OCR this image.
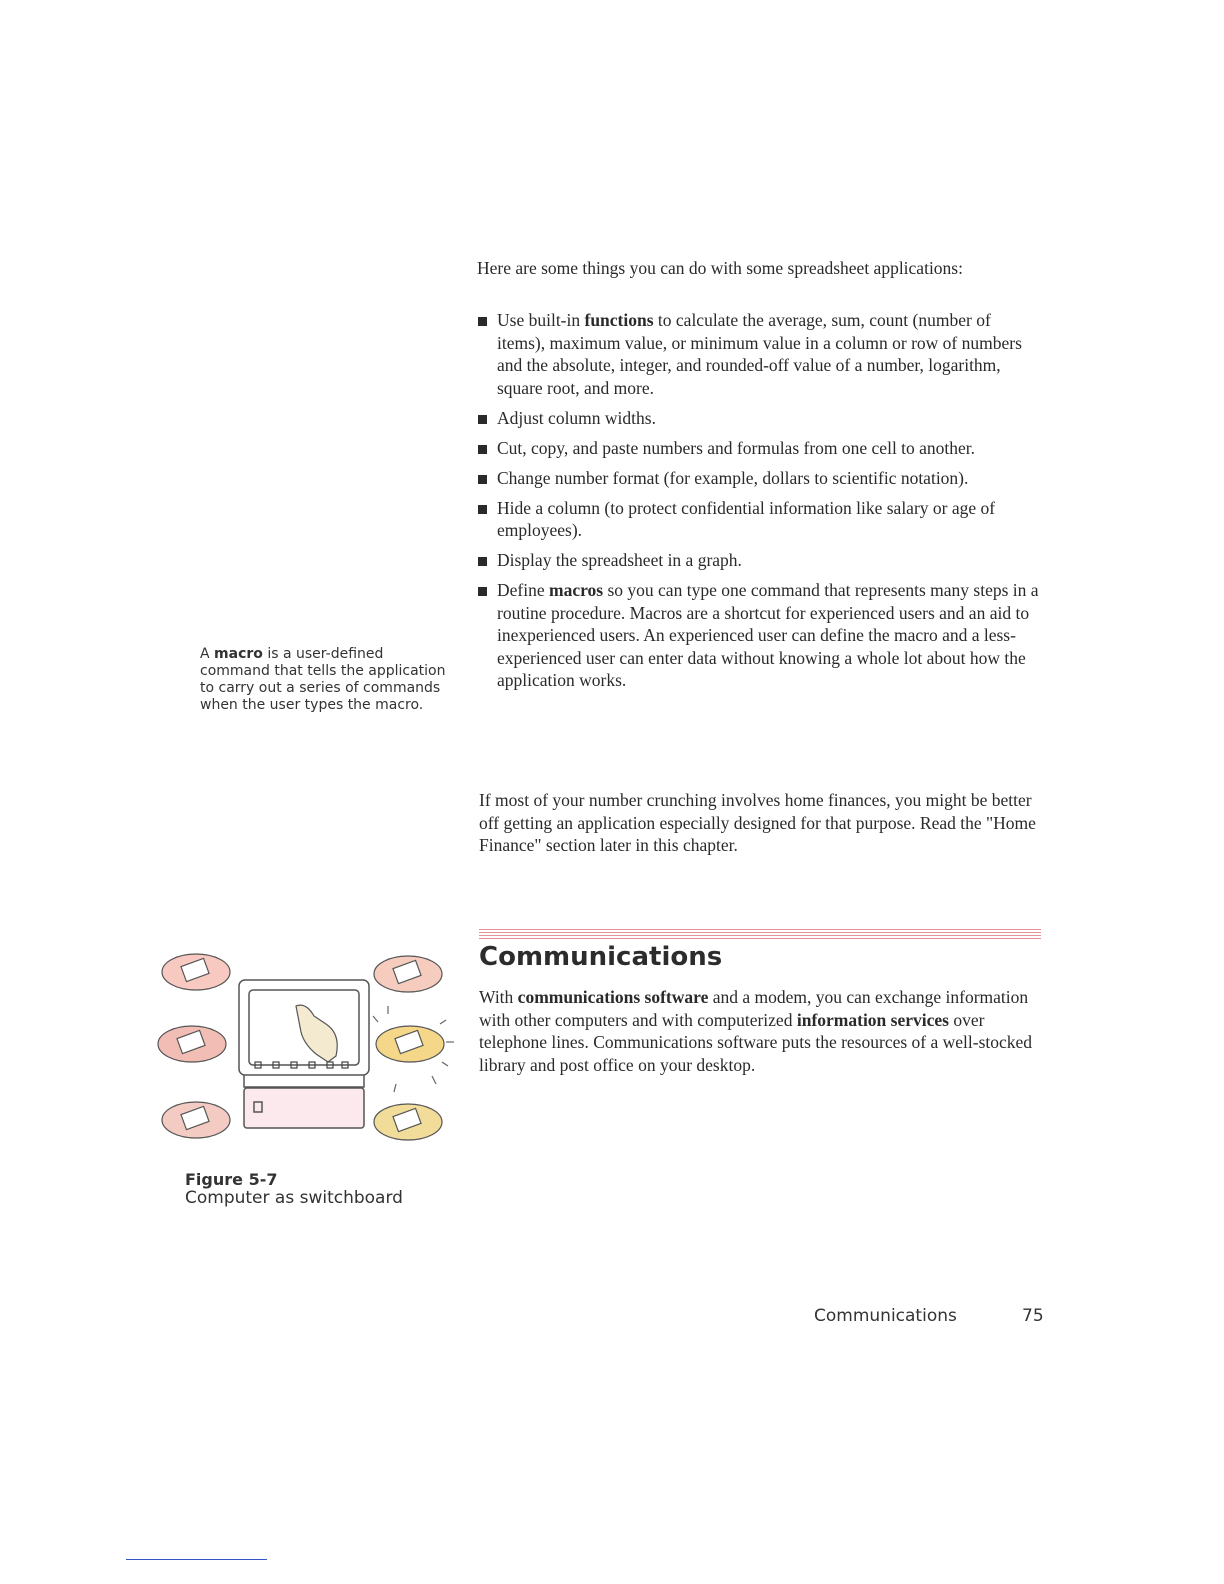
Here are some things you can do with some spreadsheet applications:

Use built-in functions to calculate the average, sum, count (number of items), maximum value, or minimum value in a column or row of numbers and the absolute, integer, and rounded-off value of a number, logarithm, square root, and more.
Adjust column widths.
Cut, copy, and paste numbers and formulas from one cell to another.
Change number format (for example, dollars to scientific notation).
Hide a column (to protect confidential information like salary or age of employees).
Display the spreadsheet in a graph.
Define macros so you can type one command that represents many steps in a routine procedure. Macros are a shortcut for experienced users and an aid to inexperienced users. An experienced user can define the macro and a less-experienced user can enter data without knowing a whole lot about how the application works.

If most of your number crunching involves home finances, you might be better off getting an application especially designed for that purpose. Read the "Home Finance" section later in this chapter.

A macro is a user-defined command that tells the application to carry out a series of commands when the user types the macro.

Communications

With communications software and a modem, you can exchange information with other computers and with computerized information services over telephone lines. Communications software puts the resources of a well-stocked library and post office on your desktop.

Figure 5-7
Computer as switchboard
Communications	75
